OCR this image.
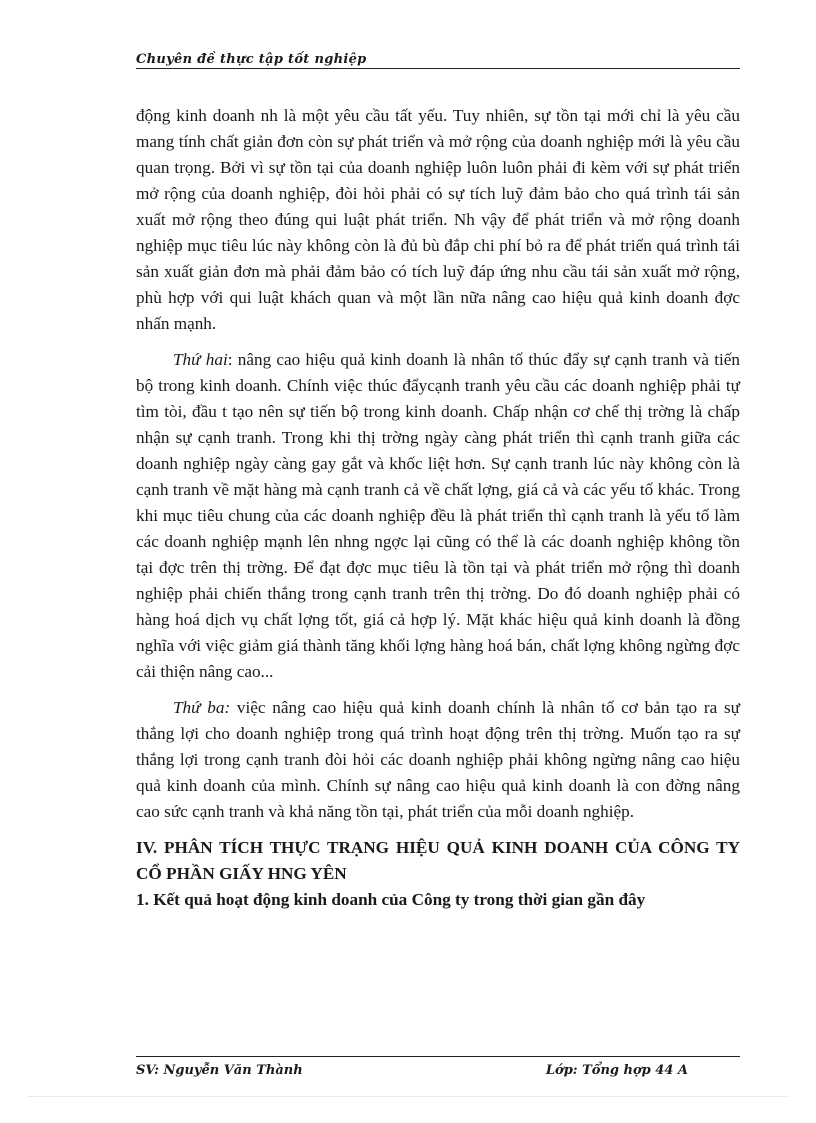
Chuyên đề thực tập tốt nghiệp

động kinh doanh nh là một yêu cầu tất yếu. Tuy nhiên, sự tồn tại mới chỉ là yêu cầu mang tính chất giản đơn còn sự phát triển và mở rộng của doanh nghiệp mới là yêu cầu quan trọng. Bởi vì sự tồn tại của doanh nghiệp luôn luôn phải đi kèm với sự phát triển mở rộng của doanh nghiệp, đòi hỏi phải có sự tích luỹ đảm bảo cho quá trình tái sản xuất mở rộng theo đúng qui luật phát triển. Nh vậy để phát triển và mở rộng doanh nghiệp mục tiêu lúc này không còn là đủ bù đắp chi phí bỏ ra để phát triển quá trình tái sản xuất giản đơn mà phải đảm bảo có tích luỹ đáp ứng nhu cầu tái sản xuất mở rộng, phù hợp với qui luật khách quan và một lần nữa nâng cao hiệu quả kinh doanh đợc nhấn mạnh.

Thứ hai: nâng cao hiệu quả kinh doanh là nhân tố thúc đẩy sự cạnh tranh và tiến bộ trong kinh doanh. Chính việc thúc đẩycạnh tranh yêu cầu các doanh nghiệp phải tự tìm tòi, đầu t tạo nên sự tiến bộ trong kinh doanh. Chấp nhận cơ chế thị trờng là chấp nhận sự cạnh tranh. Trong khi thị trờng ngày càng phát triển thì cạnh tranh giữa các doanh nghiệp ngày càng gay gắt và khốc liệt hơn. Sự cạnh tranh lúc này không còn là cạnh tranh về mặt hàng mà cạnh tranh cả về chất lợng, giá cả và các yếu tố khác. Trong khi mục tiêu chung của các doanh nghiệp đều là phát triển thì cạnh tranh là yếu tố làm các doanh nghiệp mạnh lên nhng ngợc lại cũng có thể là các doanh nghiệp không tồn tại đợc trên thị trờng. Để đạt đợc mục tiêu là tồn tại và phát triển mở rộng thì doanh nghiệp phải chiến thắng trong cạnh tranh trên thị trờng. Do đó doanh nghiệp phải có hàng hoá dịch vụ chất lợng tốt, giá cả hợp lý. Mặt khác hiệu quả kinh doanh là đồng nghĩa với việc giảm giá thành tăng khối lợng hàng hoá bán, chất lợng không ngừng đợc cải thiện nâng cao...

Thứ ba: việc nâng cao hiệu quả kinh doanh chính là nhân tố cơ bản tạo ra sự thắng lợi cho doanh nghiệp trong quá trình hoạt động trên thị trờng. Muốn tạo ra sự thắng lợi trong cạnh tranh đòi hỏi các doanh nghiệp phải không ngừng nâng cao hiệu quả kinh doanh của mình. Chính sự nâng cao hiệu quả kinh doanh là con đờng nâng cao sức cạnh tranh và khả năng tồn tại, phát triển của mỗi doanh nghiệp.

IV. PHÂN TÍCH THỰC TRẠNG HIỆU QUẢ KINH DOANH CỦA CÔNG TY CỔ PHẦN GIẤY HNG YÊN
1. Kết quả hoạt động kinh doanh của Công ty trong thời gian gần đây
SV: Nguyễn Văn Thành	Lớp: Tổng hợp 44 A
